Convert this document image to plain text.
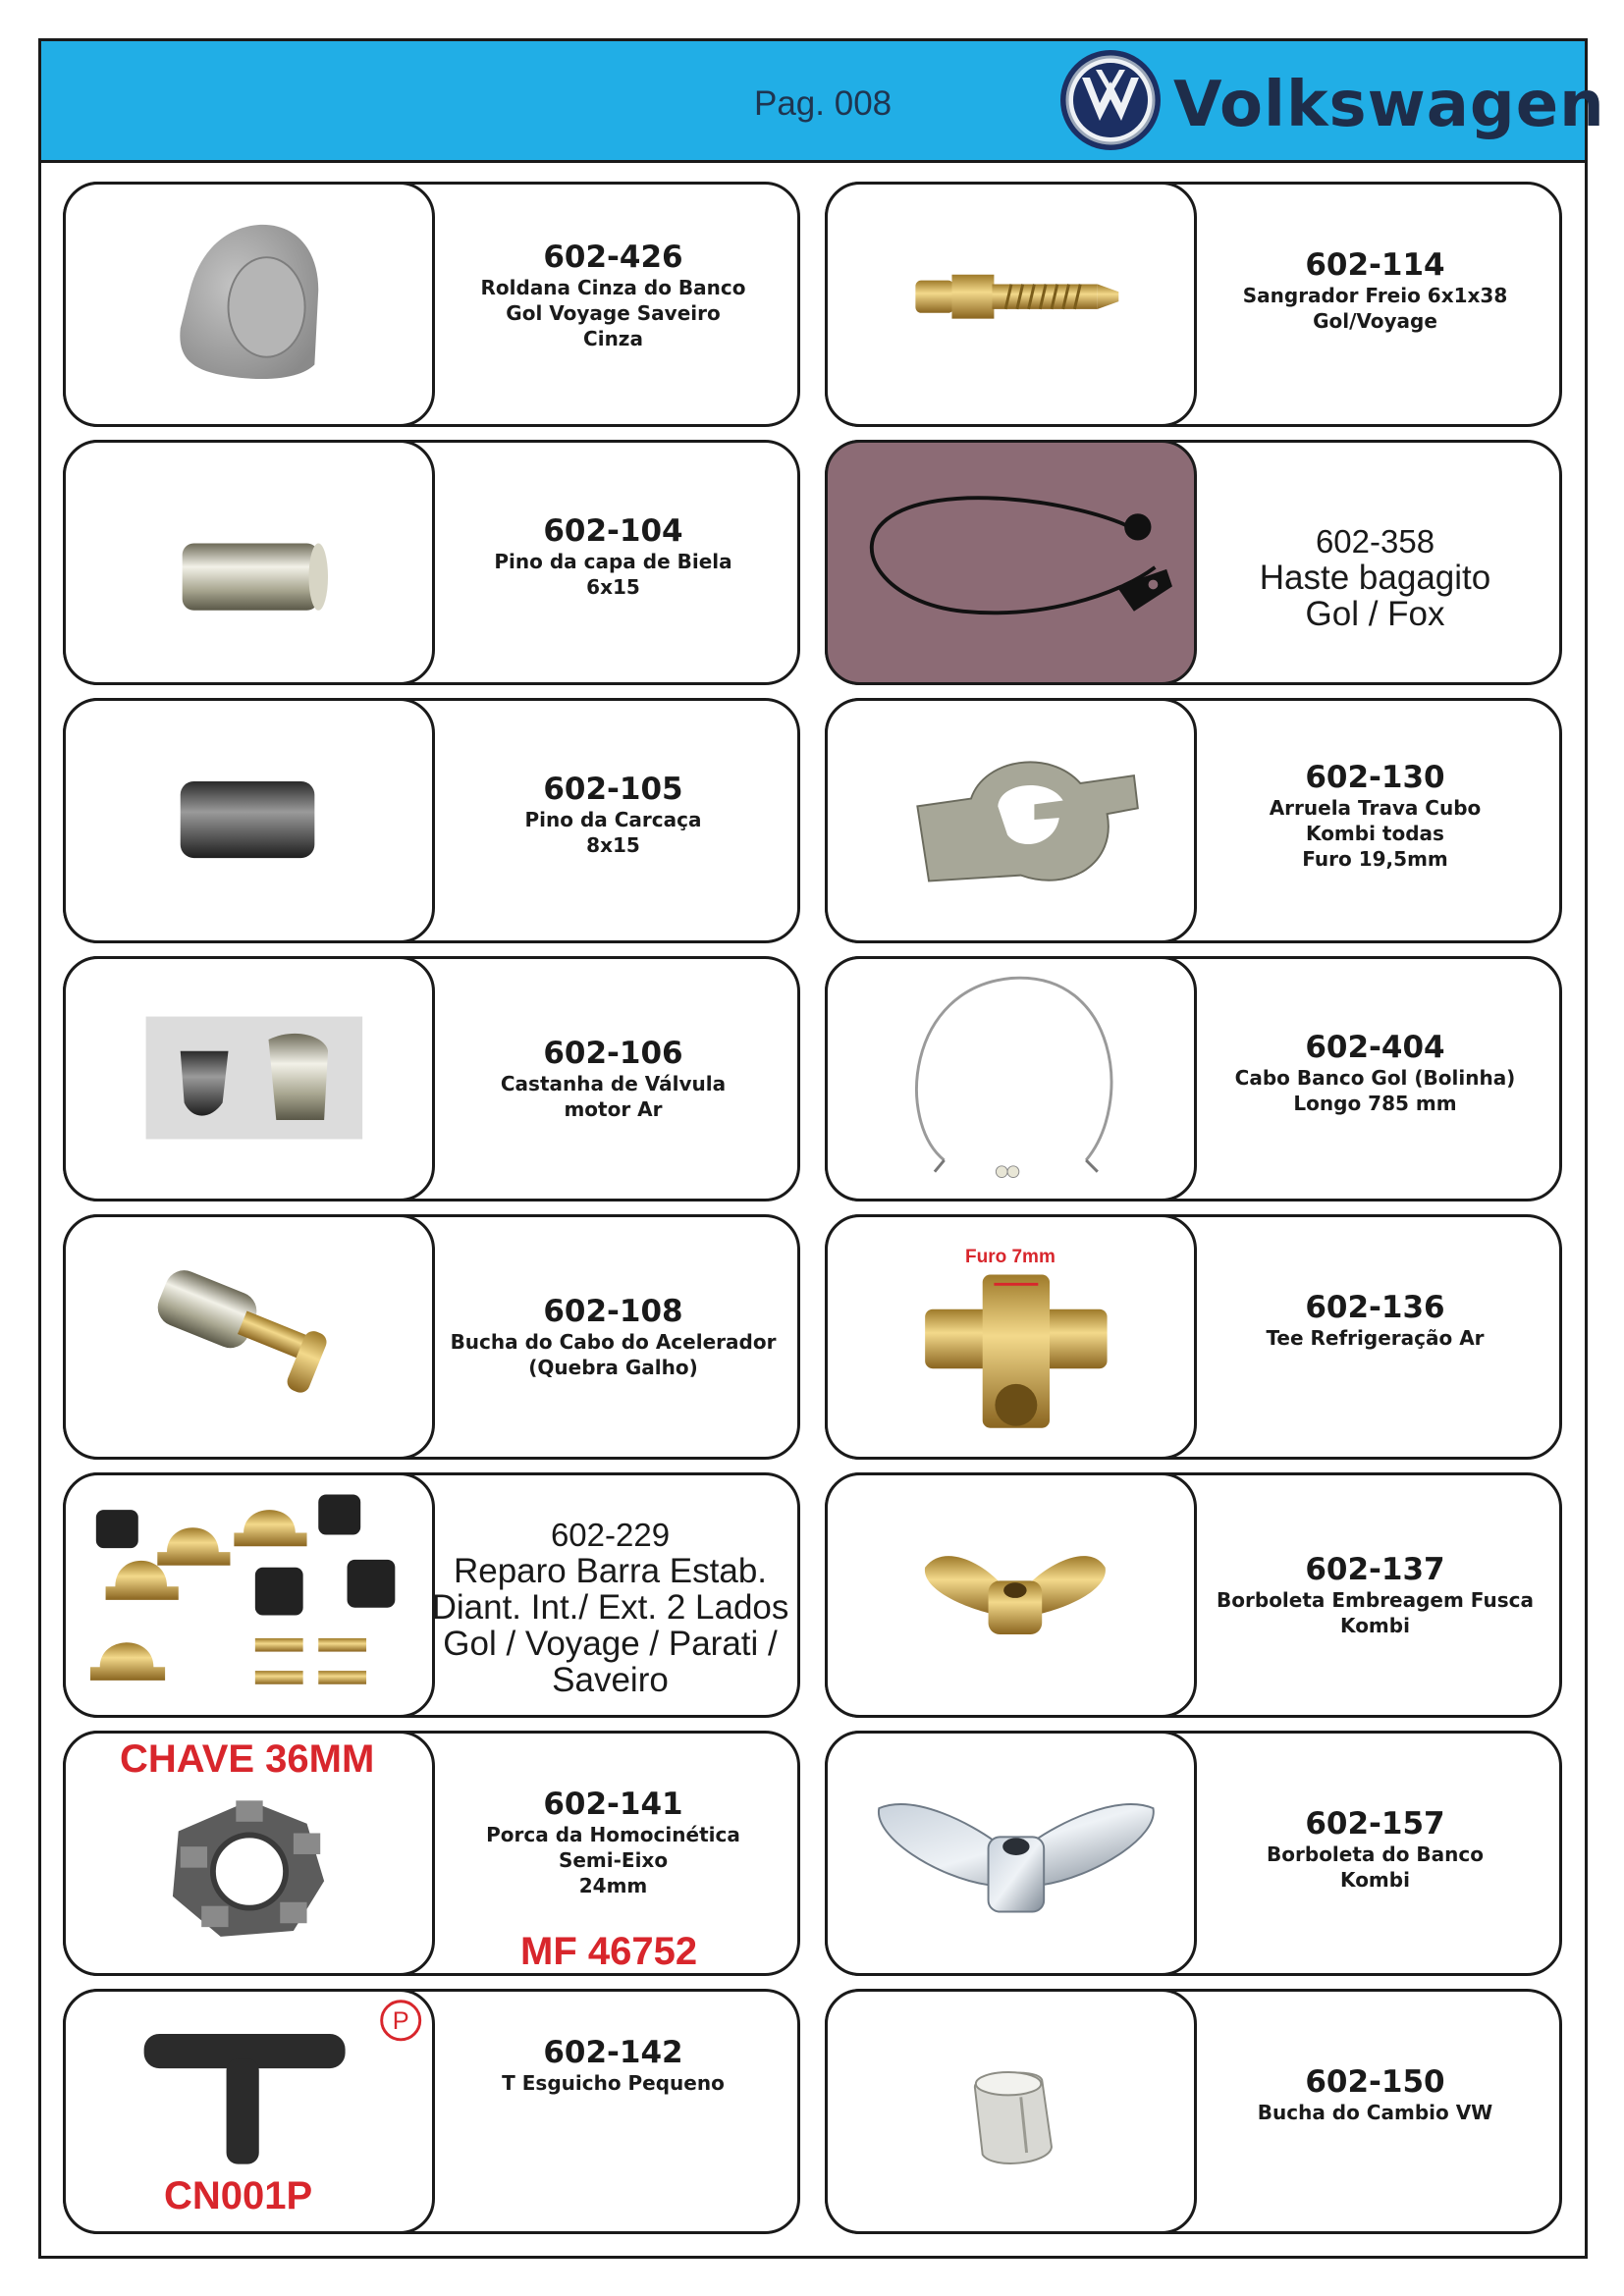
Pag. 008	Volkswagen
602-426
Roldana Cinza do Banco
Gol Voyage Saveiro
Cinza
602-114
Sangrador Freio 6x1x38
Gol/Voyage
602-104
Pino da capa de Biela
6x15
602-358
Haste bagagito
Gol / Fox
602-105
Pino da Carcaça
8x15
602-130
Arruela Trava Cubo
Kombi todas
Furo 19,5mm
602-106
Castanha de Válvula
motor Ar
602-404
Cabo Banco Gol (Bolinha)
Longo 785 mm
602-108
Bucha do Cabo do Acelerador
(Quebra Galho)
Furo 7mm
602-136
Tee Refrigeração Ar
602-229
Reparo Barra Estab.
Diant. Int./ Ext. 2 Lados
Gol / Voyage / Parati /
Saveiro
602-137
Borboleta Embreagem Fusca
Kombi
CHAVE 36MM
602-141
Porca da Homocinética
Semi-Eixo
24mm
MF 46752
602-157
Borboleta do Banco
Kombi
P
CN001P
602-142
T Esguicho Pequeno	602-150
Bucha do Cambio VW
